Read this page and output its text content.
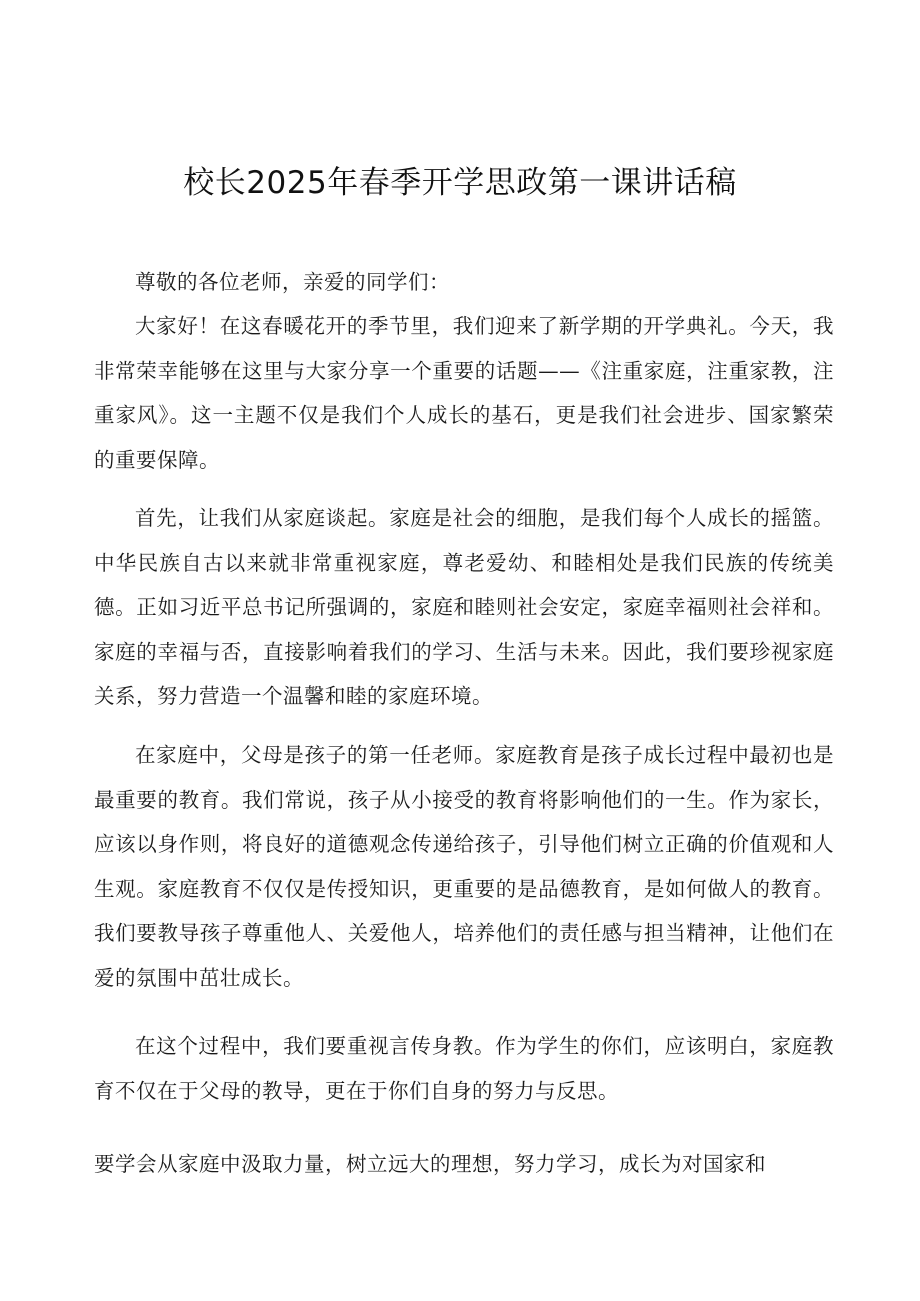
校长2025年春季开学思政第一课讲话稿

尊敬的各位老师，亲爱的同学们：

大家好！在这春暖花开的季节里，我们迎来了新学期的开学典礼。今天，我非常荣幸能够在这里与大家分享一个重要的话题——《注重家庭，注重家教，注重家风》。这一主题不仅是我们个人成长的基石，更是我们社会进步、国家繁荣的重要保障。

首先，让我们从家庭谈起。家庭是社会的细胞，是我们每个人成长的摇篮。中华民族自古以来就非常重视家庭，尊老爱幼、和睦相处是我们民族的传统美德。正如习近平总书记所强调的，家庭和睦则社会安定，家庭幸福则社会祥和。家庭的幸福与否，直接影响着我们的学习、生活与未来。因此，我们要珍视家庭关系，努力营造一个温馨和睦的家庭环境。

在家庭中，父母是孩子的第一任老师。家庭教育是孩子成长过程中最初也是最重要的教育。我们常说，孩子从小接受的教育将影响他们的一生。作为家长，应该以身作则，将良好的道德观念传递给孩子，引导他们树立正确的价值观和人生观。家庭教育不仅仅是传授知识，更重要的是品德教育，是如何做人的教育。我们要教导孩子尊重他人、关爱他人，培养他们的责任感与担当精神，让他们在爱的氛围中茁壮成长。

在这个过程中，我们要重视言传身教。作为学生的你们，应该明白，家庭教育不仅在于父母的教导，更在于你们自身的努力与反思。

要学会从家庭中汲取力量，树立远大的理想，努力学习，成长为对国家和
